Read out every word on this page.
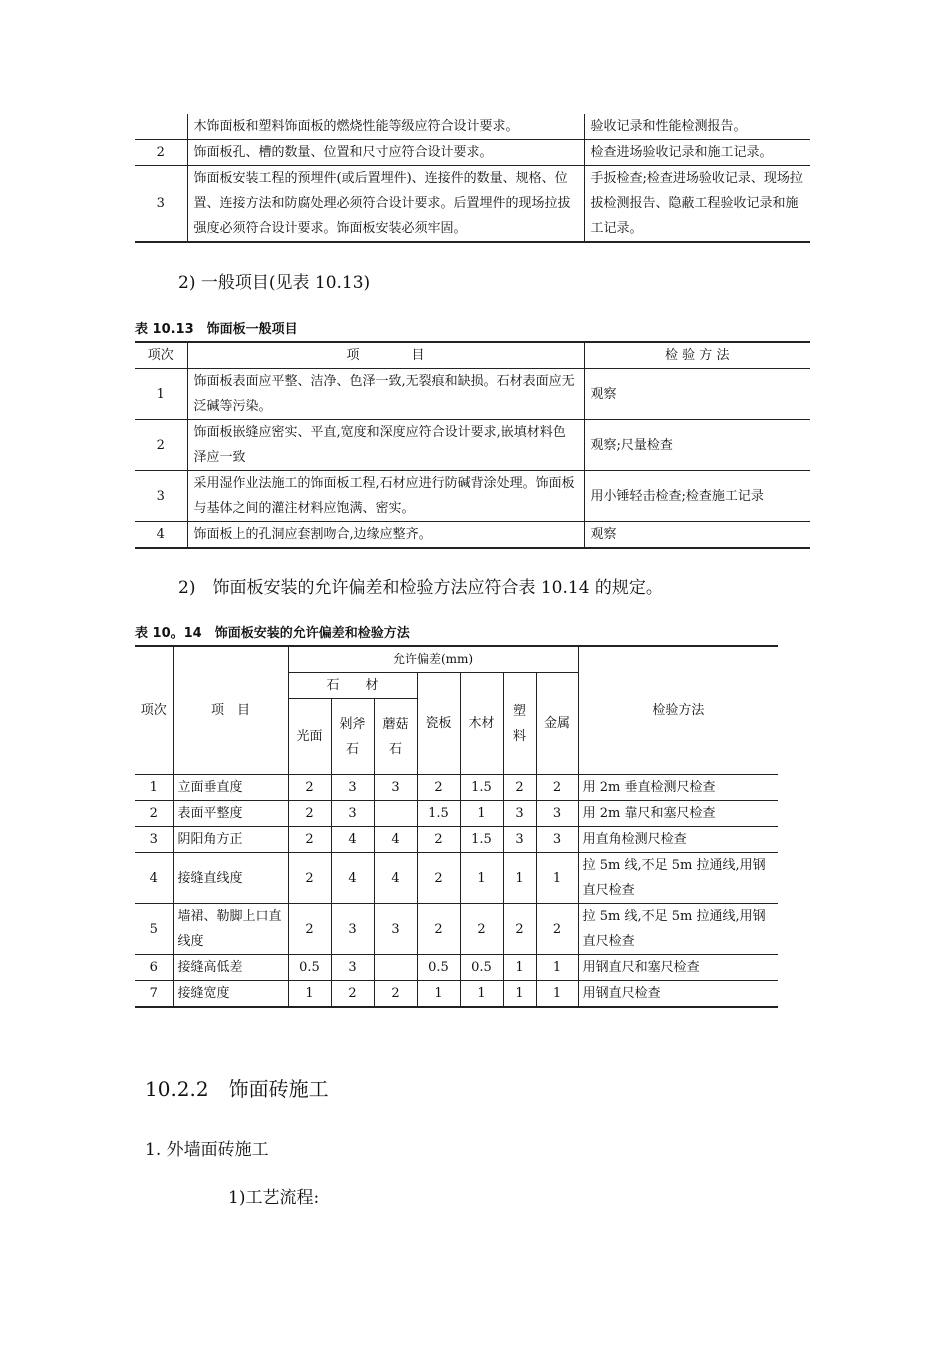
	木饰面板和塑料饰面板的燃烧性能等级应符合设计要求。	验收记录和性能检测报告。
2	饰面板孔、槽的数量、位置和尺寸应符合设计要求。	检查进场验收记录和施工记录。
3	饰面板安装工程的预埋件(或后置埋件)、连接件的数量、规格、位置、连接方法和防腐处理必须符合设计要求。后置埋件的现场拉拔强度必须符合设计要求。饰面板安装必须牢固。	手扳检查;检查进场验收记录、现场拉拔检测报告、隐蔽工程验收记录和施工记录。
2) 一般项目(见表 10.13)
表 10.13　饰面板一般项目
项次	项　　　　目	检 验 方 法
1	饰面板表面应平整、洁净、色泽一致,无裂痕和缺损。石材表面应无泛碱等污染。	观察
2	饰面板嵌缝应密实、平直,宽度和深度应符合设计要求,嵌填材料色泽应一致	观察;尺量检查
3	采用湿作业法施工的饰面板工程,石材应进行防碱背涂处理。饰面板与基体之间的灌注材料应饱满、密实。	用小锤轻击检查;检查施工记录
4	饰面板上的孔洞应套割吻合,边缘应整齐。	观察
2)　饰面板安装的允许偏差和检验方法应符合表 10.14 的规定。
表 10。14　饰面板安装的允许偏差和检验方法
项次	项　目	允许偏差(mm)							检验方法
		石　　材			瓷板	木材	塑料	金属	
		光面	剁斧石	蘑菇石					
1	立面垂直度	2	3	3	2	1.5	2	2	用 2m 垂直检测尺检查
2	表面平整度	2	3		1.5	1	3	3	用 2m 靠尺和塞尺检查
3	阴阳角方正	2	4	4	2	1.5	3	3	用直角检测尺检查
4	接缝直线度	2	4	4	2	1	1	1	拉 5m 线,不足 5m 拉通线,用钢直尺检查
5	墙裙、勒脚上口直线度	2	3	3	2	2	2	2	拉 5m 线,不足 5m 拉通线,用钢直尺检查
6	接缝高低差	0.5	3		0.5	0.5	1	1	用钢直尺和塞尺检查
7	接缝宽度	1	2	2	1	1	1	1	用钢直尺检查
10.2.2　饰面砖施工
1. 外墙面砖施工
1)工艺流程:
